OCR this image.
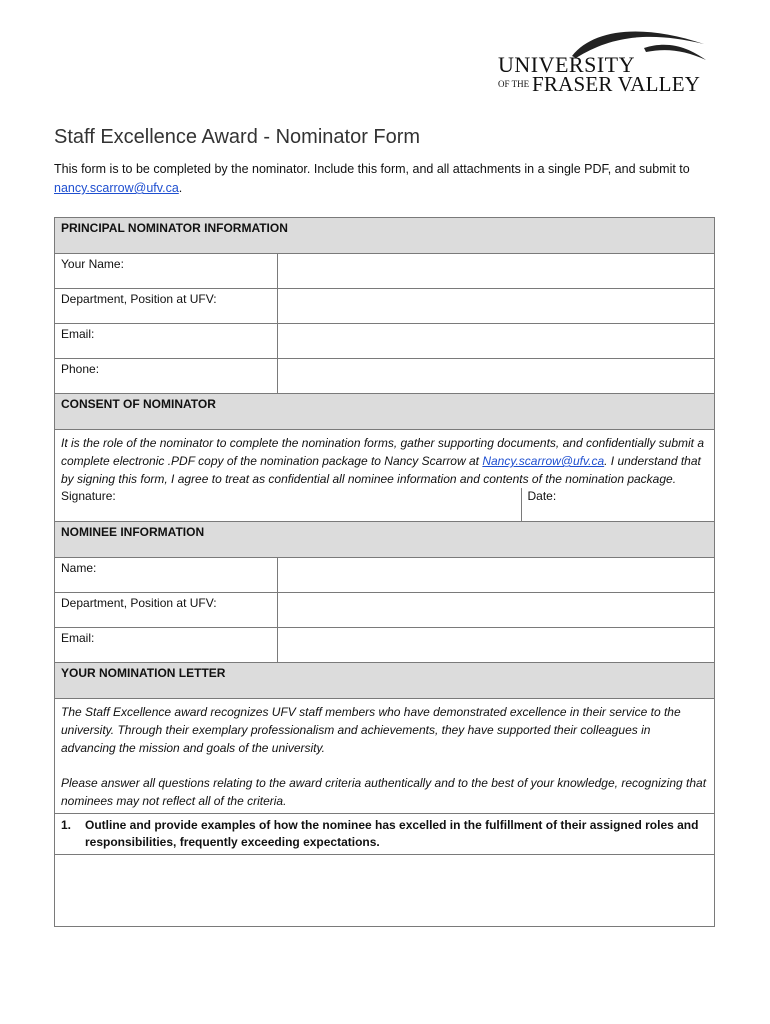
UNIVERSITY
OF THE FRASER VALLEY
Staff Excellence Award - Nominator Form
This form is to be completed by the nominator. Include this form, and all attachments in a single PDF, and submit to nancy.scarrow@ufv.ca.
PRINCIPAL NOMINATOR INFORMATION
Your Name:	
Department, Position at UFV:	
Email:	
Phone:	
CONSENT OF NOMINATOR
It is the role of the nominator to complete the nomination forms, gather supporting documents, and confidentially submit a complete electronic .PDF copy of the nomination package to Nancy Scarrow at Nancy.scarrow@ufv.ca. I understand that by signing this form, I agree to treat as confidential all nominee information and contents of the nomination package.

Signature:	Date:

NOMINEE INFORMATION
Name:	
Department, Position at UFV:	
Email:	
YOUR NOMINATION LETTER

The Staff Excellence award recognizes UFV staff members who have demonstrated excellence in their service to the university. Through their exemplary professionalism and achievements, they have supported their colleagues in advancing the mission and goals of the university.
Please answer all questions relating to the award criteria authentically and to the best of your knowledge, recognizing that nominees may not reflect all of the criteria.

1. Outline and provide examples of how the nominee has excelled in the fulfillment of their assigned roles and responsibilities, frequently exceeding expectations.
